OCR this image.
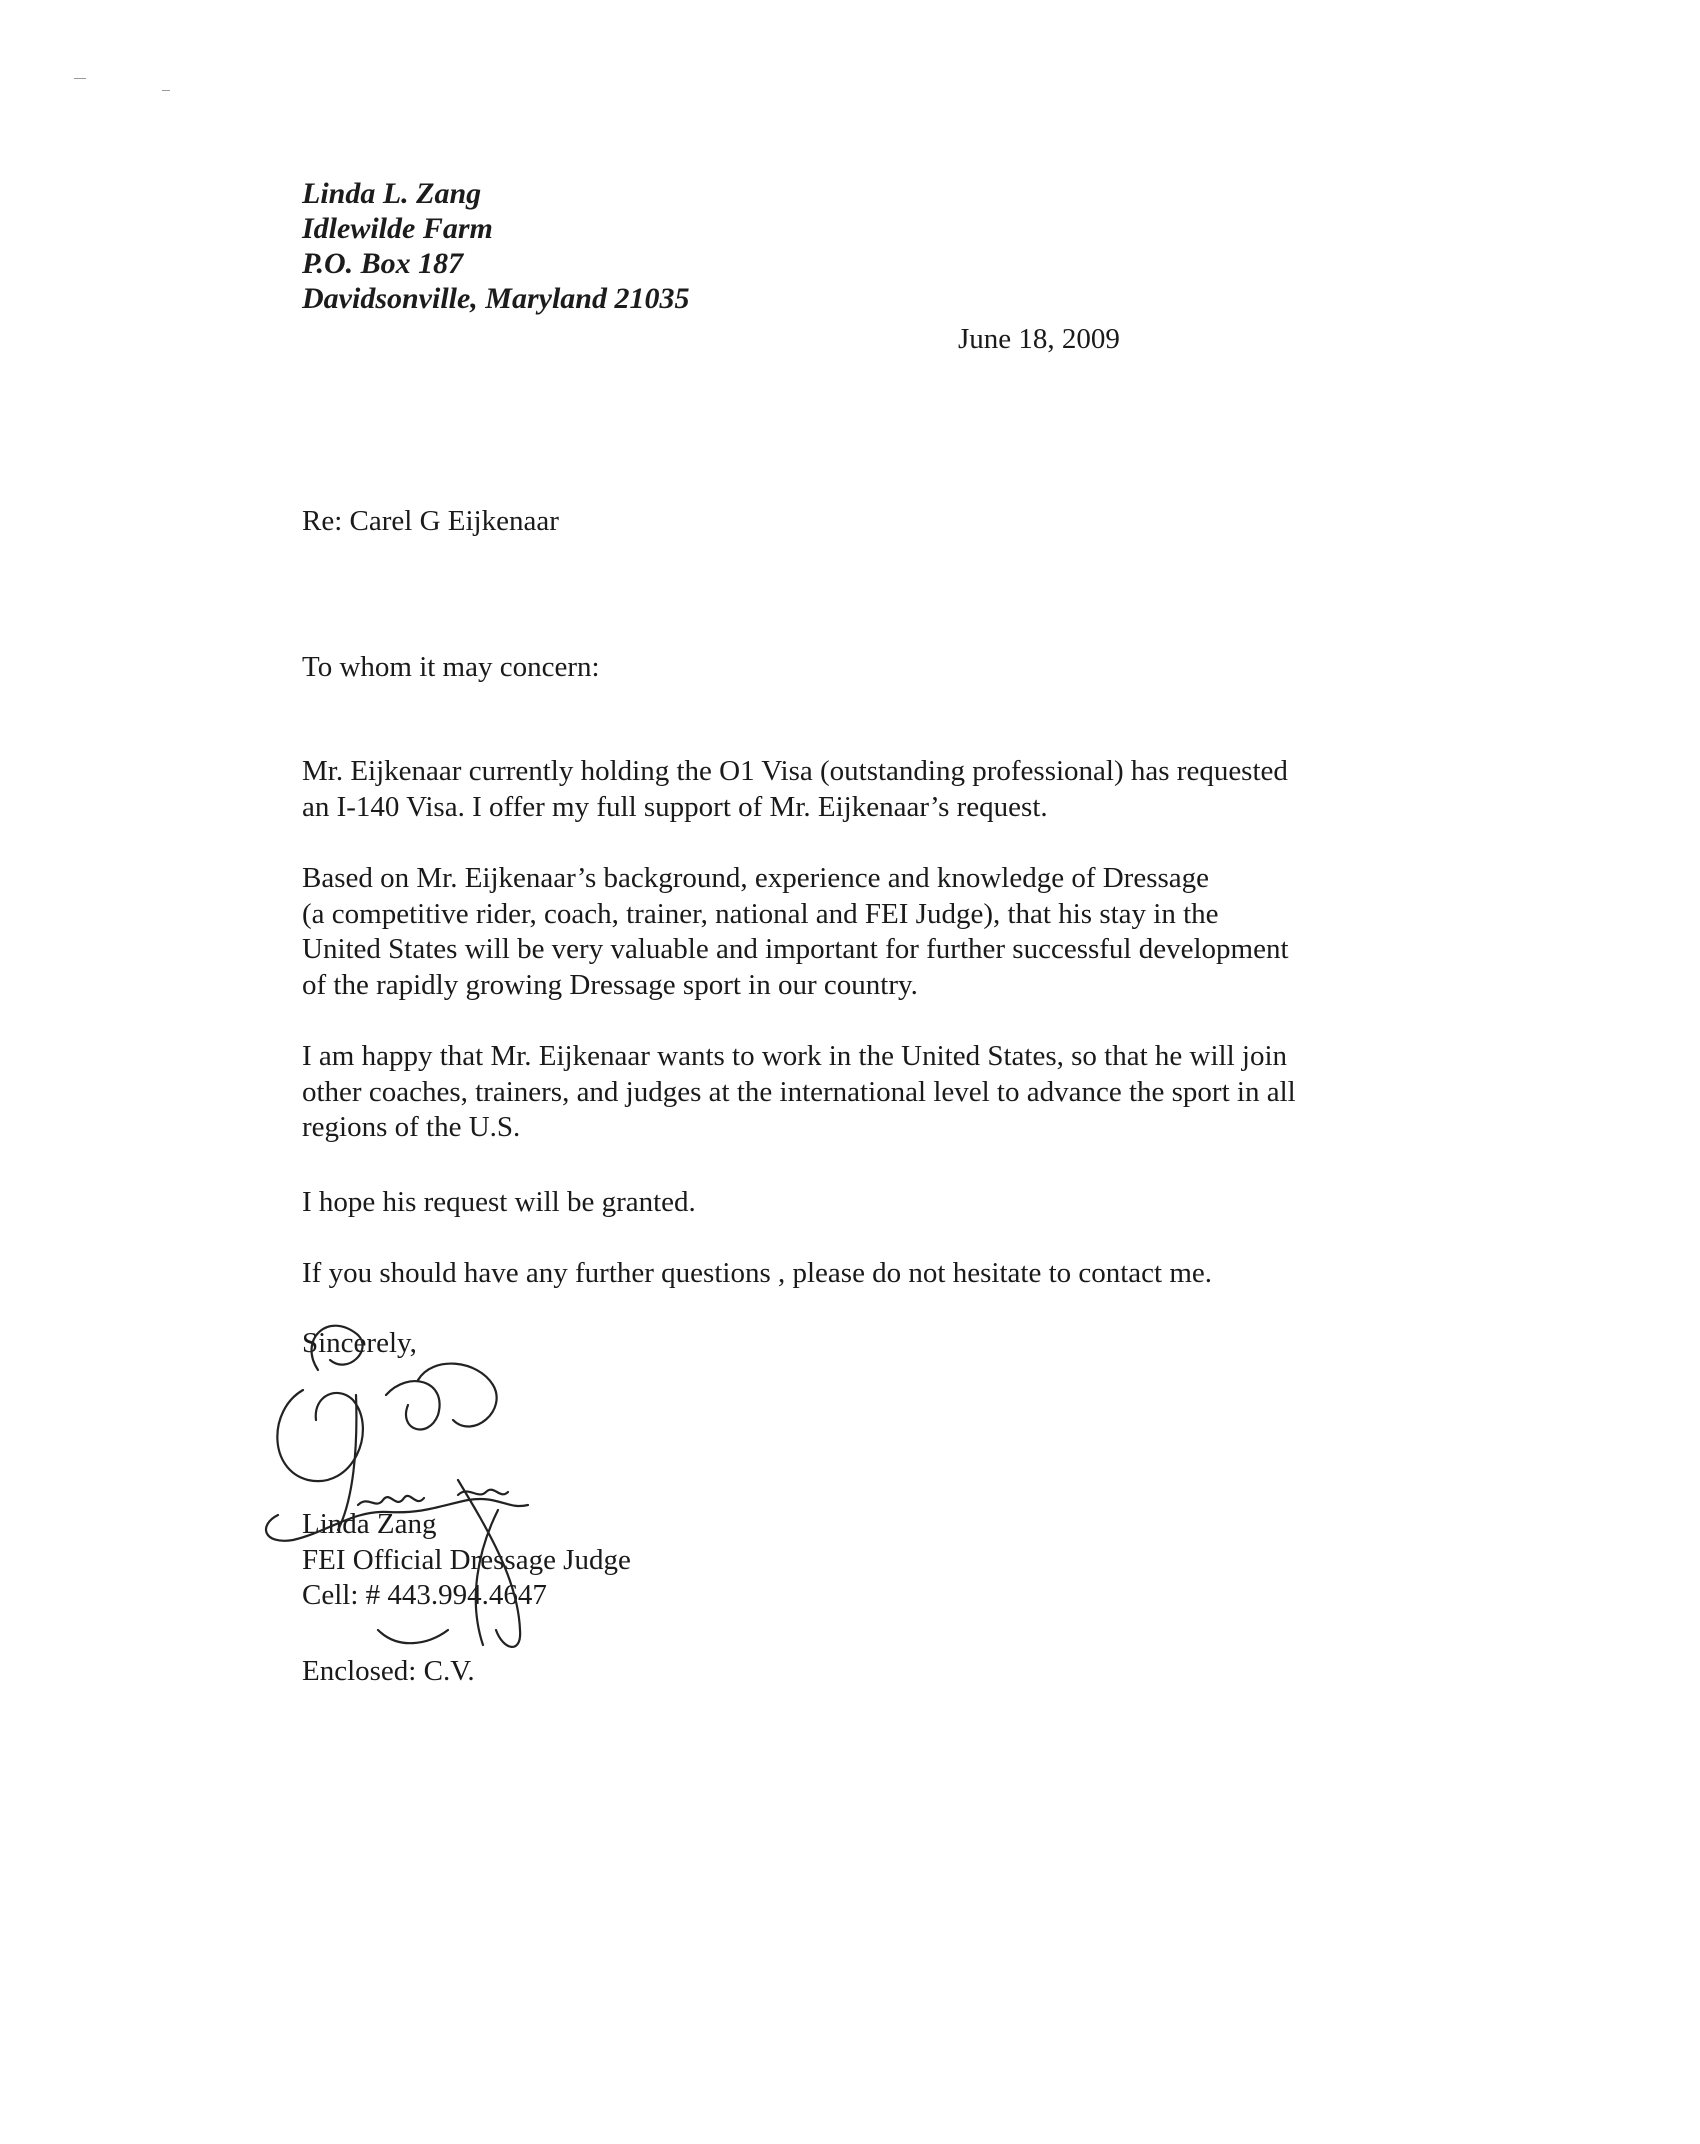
Linda L. Zang
Idlewilde Farm
P.O. Box 187
Davidsonville, Maryland 21035
June 18, 2009

Re: Carel G Eijkenaar

To whom it may concern:

Mr. Eijkenaar currently holding the O1 Visa (outstanding professional) has requested
an I-140 Visa. I offer my full support of Mr. Eijkenaar’s request.

Based on Mr. Eijkenaar’s background, experience and knowledge of Dressage
(a competitive rider, coach, trainer, national and FEI Judge), that his stay in the
United States will be very valuable and important for further successful development
of the rapidly growing Dressage sport in our country.

I am happy that Mr. Eijkenaar wants to work in the United States, so that he will join
other coaches, trainers, and judges at the international level to advance the sport in all
regions of the U.S.

I hope his request will be granted.

If you should have any further questions , please do not hesitate to contact me.

Sincerely,

Linda Zang
FEI Official Dressage Judge
Cell: # 443.994.4647
Enclosed: C.V.
